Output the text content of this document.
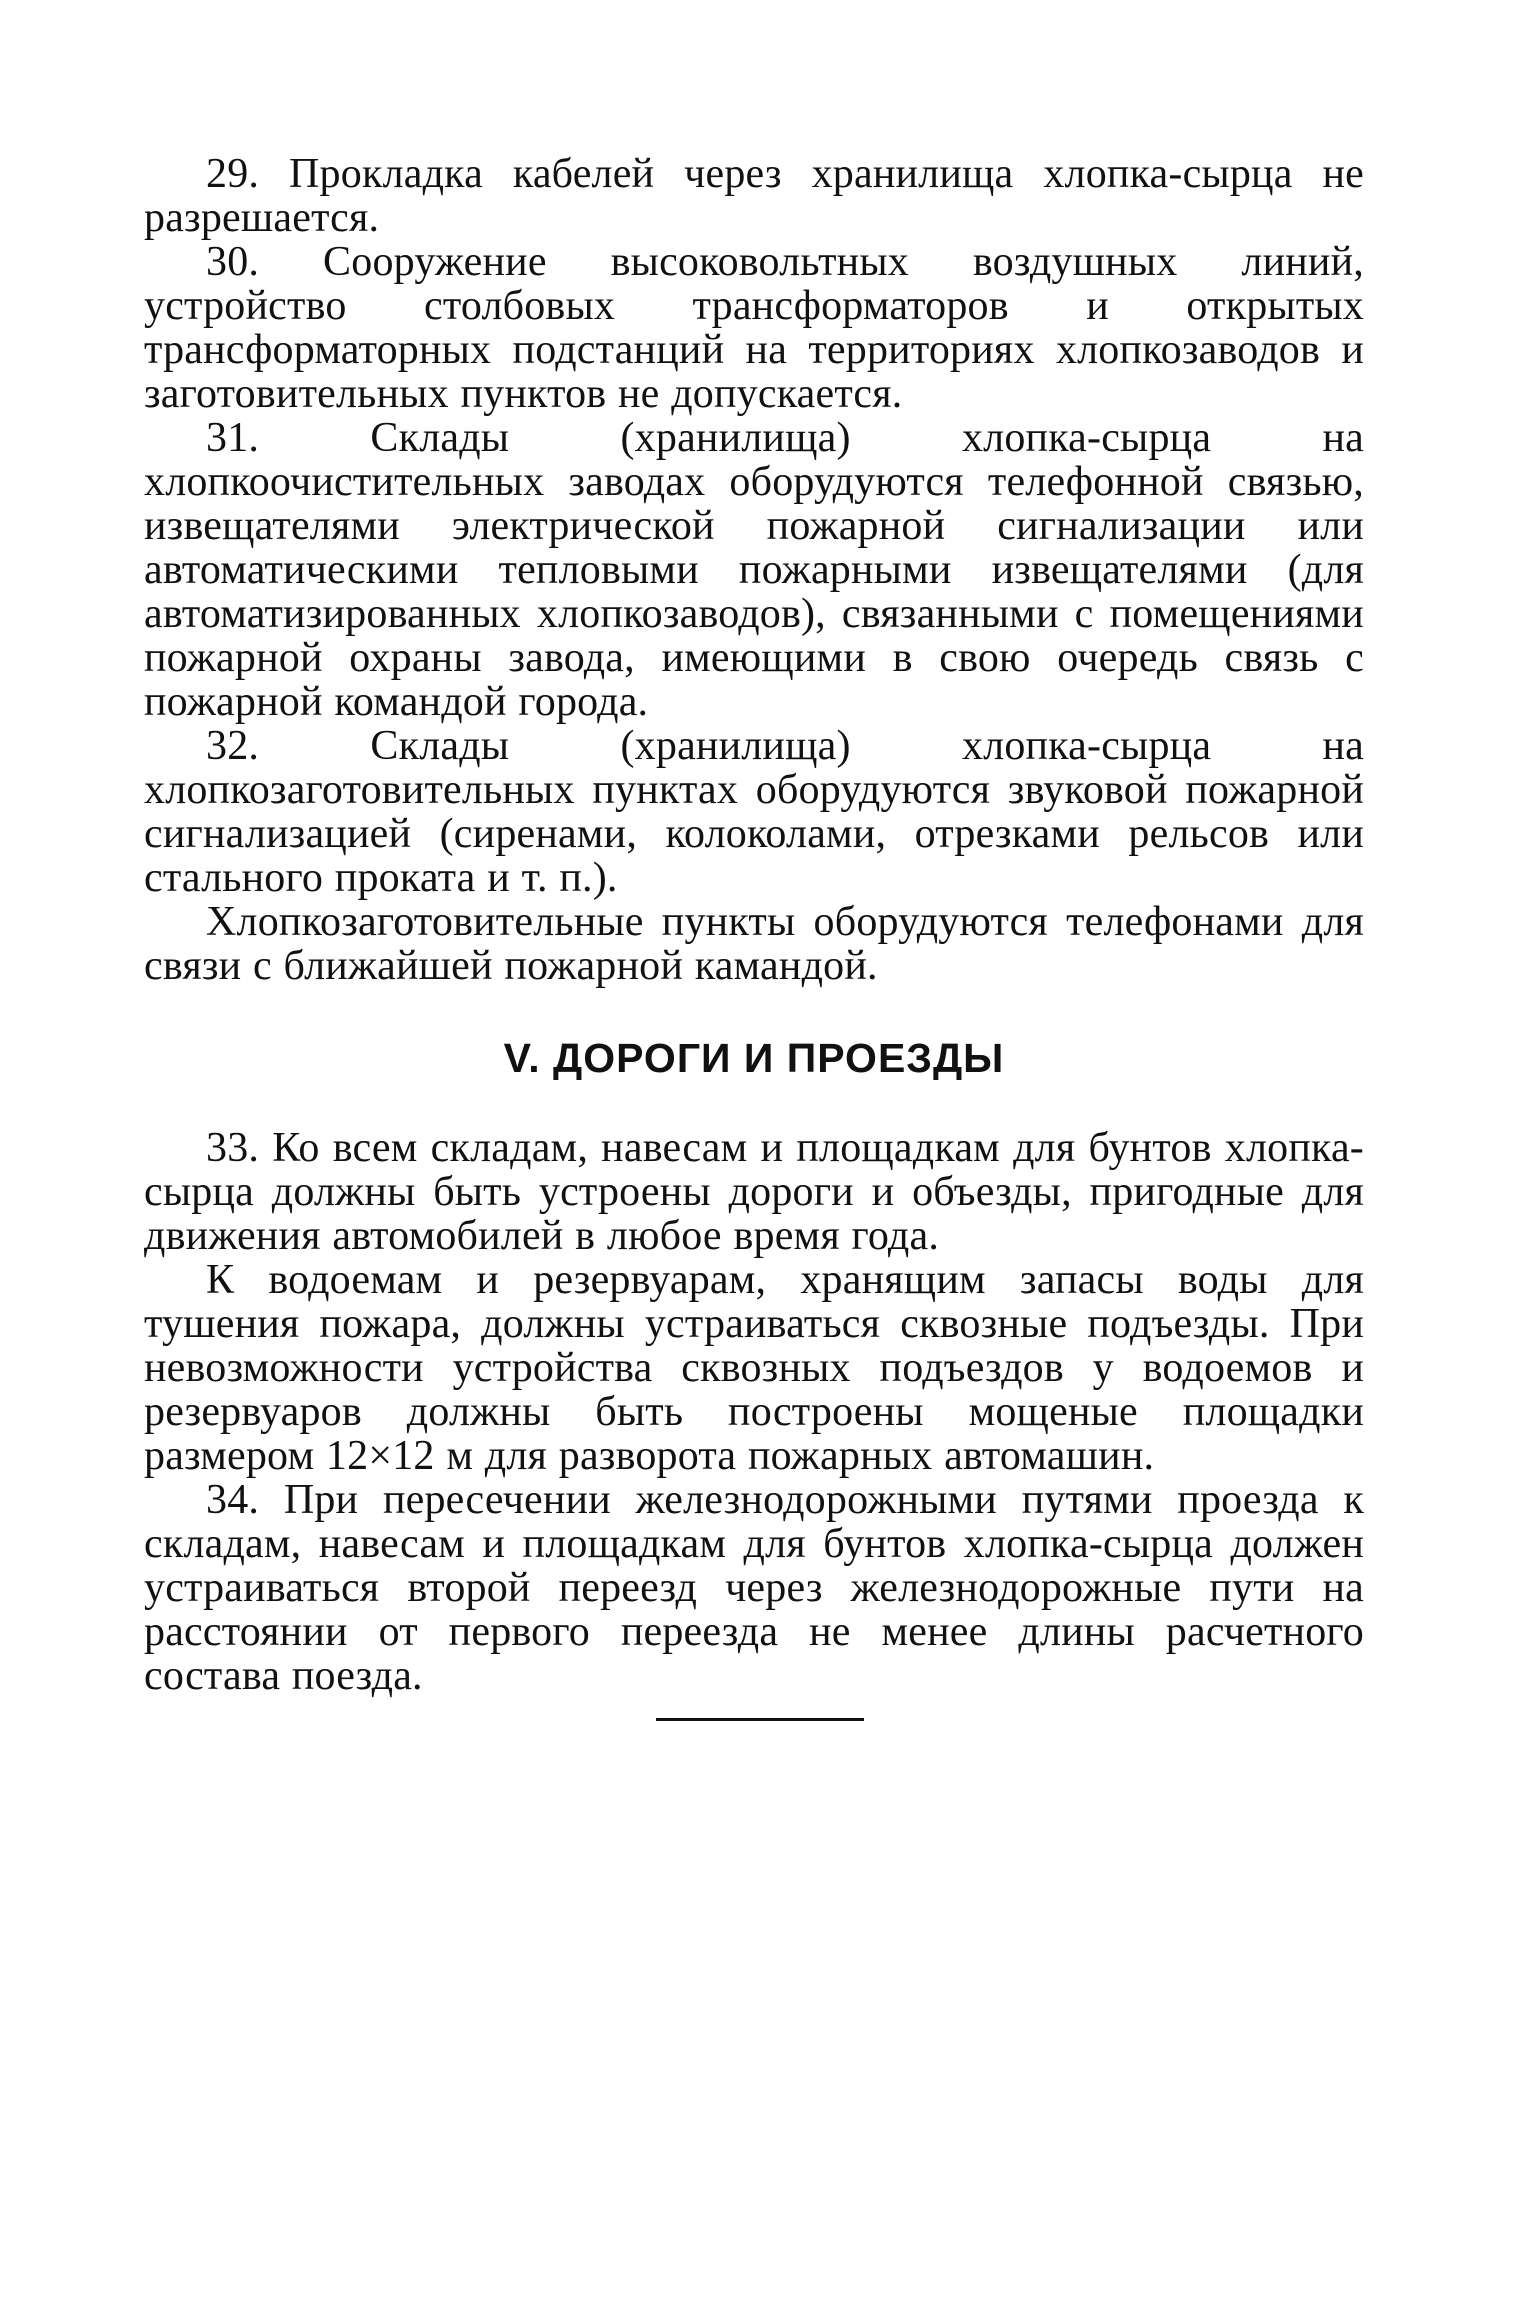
29. Прокладка кабелей через хранилища хлопка-сырца не разрешается.

30. Сооружение высоковольтных воздушных линий, устройство столбовых трансформаторов и открытых трансформаторных подстанций на территориях хлопкозаводов и заготовительных пунктов не допускается.

31. Склады (хранилища) хлопка-сырца на хлопкоочистительных заводах оборудуются телефонной связью, извещателями электрической пожарной сигнализации или автоматическими тепловыми пожарными извещателями (для автоматизированных хлопкозаводов), связанными с помещениями пожарной охраны завода, имеющими в свою очередь связь с пожарной командой города.

32. Склады (хранилища) хлопка-сырца на хлопкозаготовительных пунктах оборудуются звуковой пожарной сигнализацией (сиренами, колоколами, отрезками рельсов или стального проката и т. п.).

Хлопкозаготовительные пункты оборудуются телефонами для связи с ближайшей пожарной камандой.

V. ДОРОГИ И ПРОЕЗДЫ

33. Ко всем складам, навесам и площадкам для бунтов хлопка-сырца должны быть устроены дороги и объезды, пригодные для движения автомобилей в любое время года.

К водоемам и резервуарам, хранящим запасы воды для тушения пожара, должны устраиваться сквозные подъезды. При невозможности устройства сквозных подъездов у водоемов и резервуаров должны быть построены мощеные площадки размером 12×12 м для разворота пожарных автомашин.

34. При пересечении железнодорожными путями проезда к складам, навесам и площадкам для бунтов хлопка-сырца должен устраиваться второй переезд через железнодорожные пути на расстоянии от первого переезда не менее длины расчетного состава поезда.
